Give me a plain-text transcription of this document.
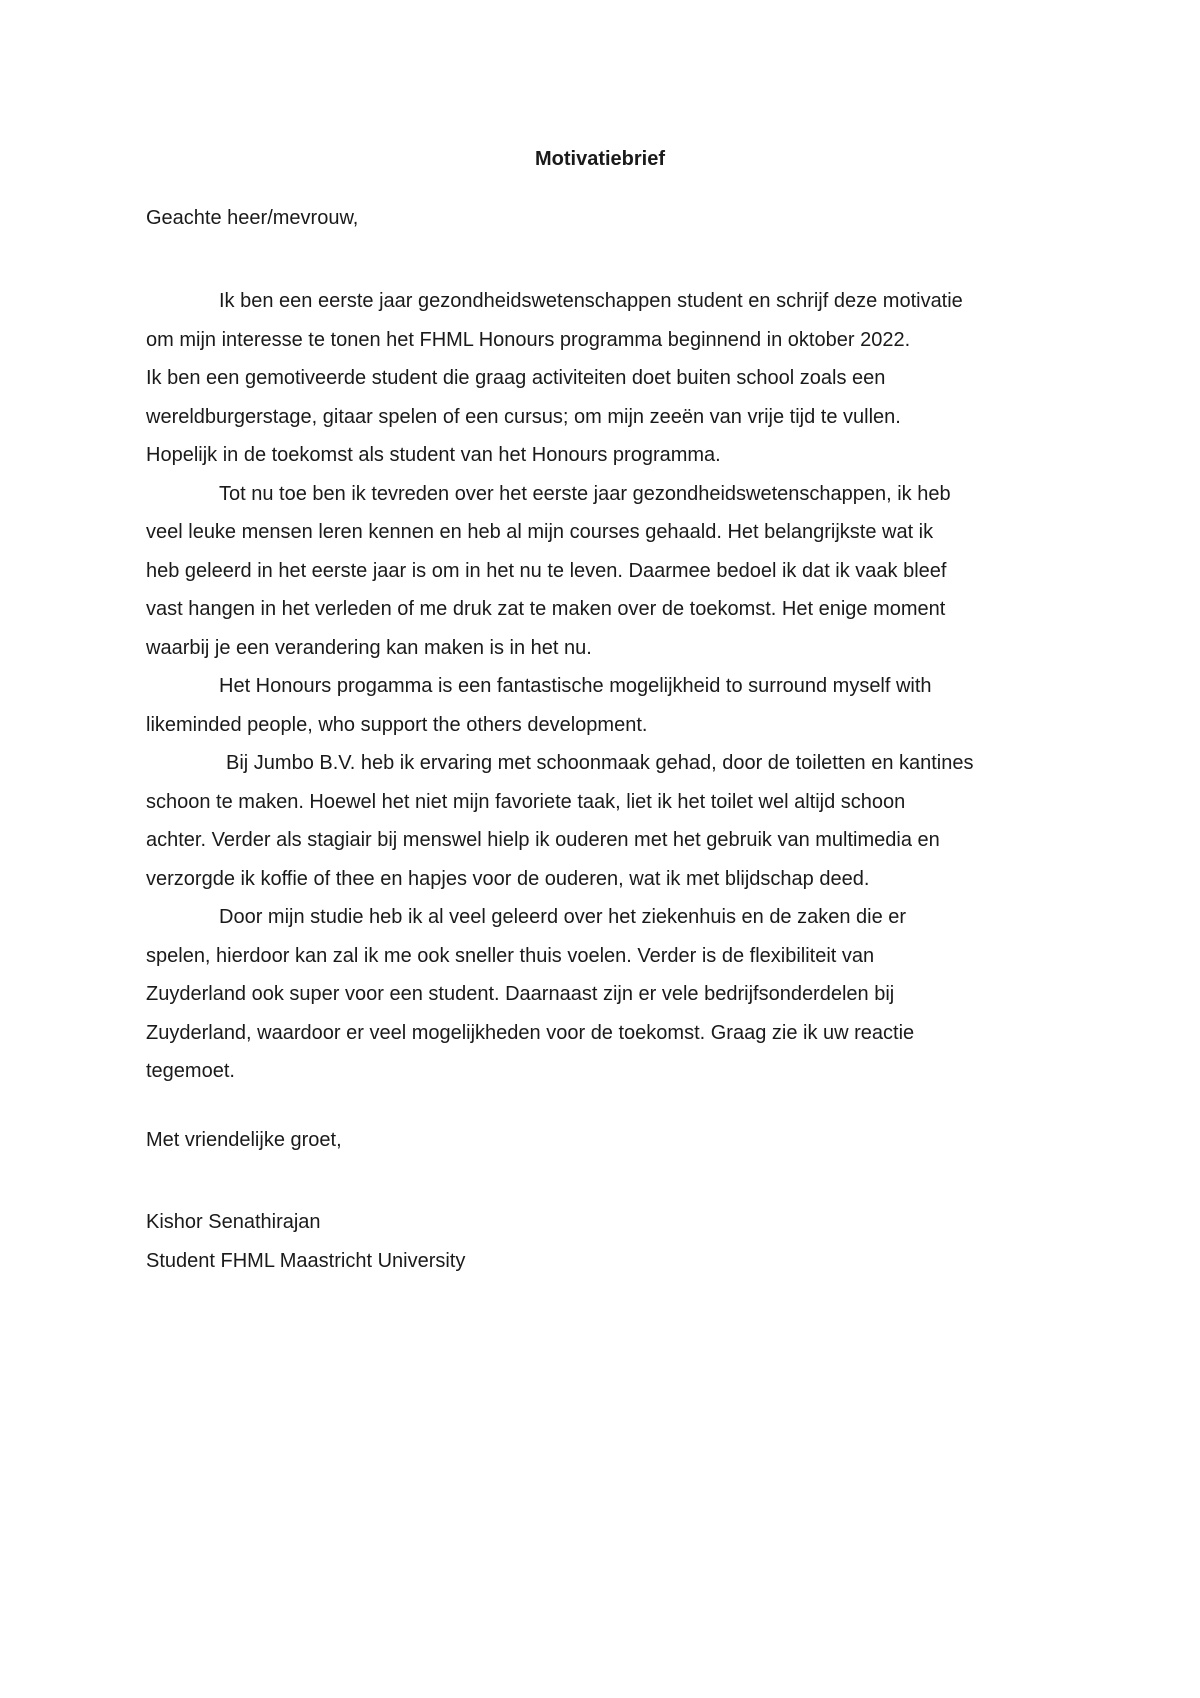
Motivatiebrief

Geachte heer/mevrouw,

Ik ben een eerste jaar gezondheidswetenschappen student en schrijf deze motivatie
om mijn interesse te tonen het FHML Honours programma beginnend in oktober 2022.
Ik ben een gemotiveerde student die graag activiteiten doet buiten school zoals een
wereldburgerstage, gitaar spelen of een cursus; om mijn zeeën van vrije tijd te vullen.
Hopelijk in de toekomst als student van het Honours programma.
Tot nu toe ben ik tevreden over het eerste jaar gezondheidswetenschappen, ik heb
veel leuke mensen leren kennen en heb al mijn courses gehaald. Het belangrijkste wat ik
heb geleerd in het eerste jaar is om in het nu te leven. Daarmee bedoel ik dat ik vaak bleef
vast hangen in het verleden of me druk zat te maken over de toekomst. Het enige moment
waarbij je een verandering kan maken is in het nu.
Het Honours progamma is een fantastische mogelijkheid to surround myself with
likeminded people, who support the others development.
Bij Jumbo B.V. heb ik ervaring met schoonmaak gehad, door de toiletten en kantines
schoon te maken. Hoewel het niet mijn favoriete taak, liet ik het toilet wel altijd schoon
achter. Verder als stagiair bij menswel hielp ik ouderen met het gebruik van multimedia en
verzorgde ik koffie of thee en hapjes voor de ouderen, wat ik met blijdschap deed.
Door mijn studie heb ik al veel geleerd over het ziekenhuis en de zaken die er
spelen, hierdoor kan zal ik me ook sneller thuis voelen. Verder is de flexibiliteit van
Zuyderland ook super voor een student. Daarnaast zijn er vele bedrijfsonderdelen bij
Zuyderland, waardoor er veel mogelijkheden voor de toekomst. Graag zie ik uw reactie
tegemoet.

Met vriendelijke groet,

Kishor Senathirajan
Student FHML Maastricht University
